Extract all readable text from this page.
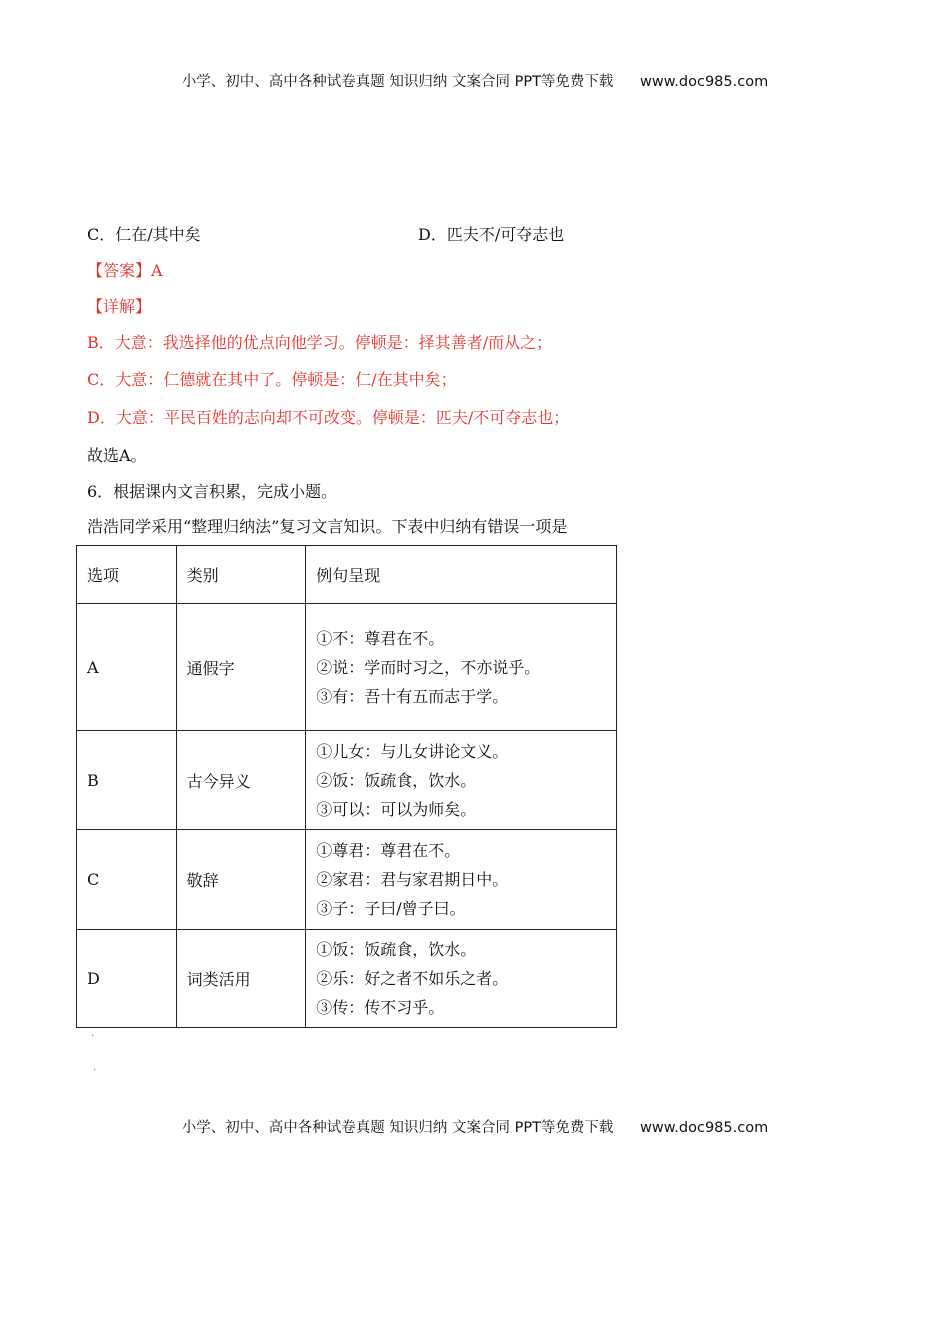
小学、初中、高中各种试卷真题 知识归纳 文案合同 PPT等免费下载 www.doc985.com
C．仁在/其中矣	D．匹夫不/可夺志也
【答案】A
【详解】
B．大意：我选择他的优点向他学习。停顿是：择其善者/而从之；
C．大意：仁德就在其中了。停顿是：仁/在其中矣；
D．大意：平民百姓的志向却不可改变。停顿是：匹夫/不可夺志也；
故选A。
6．根据课内文言积累，完成小题。
浩浩同学采用“整理归纳法”复习文言知识。下表中归纳有错误一项是
选项	类别	例句呈现
A	通假字	①不：尊君在不。
②说：学而时习之，不亦说乎。
③有：吾十有五而志于学。

B	古今异义	①儿女：与儿女讲论文义。
②饭：饭疏食，饮水。
③可以：可以为师矣。

C	敬辞	①尊君：尊君在不。
②家君：君与家君期日中。
③子：子曰/曾子曰。

D	词类活用	①饭：饭疏食，饮水。
②乐：好之者不如乐之者。
③传：传不习乎。
.
.
小学、初中、高中各种试卷真题 知识归纳 文案合同 PPT等免费下载 www.doc985.com
